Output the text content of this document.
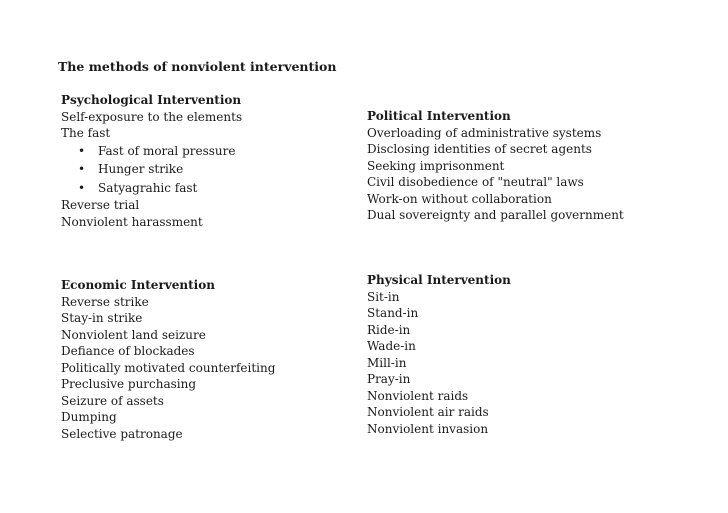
The methods of nonviolent intervention
Psychological Intervention
Self-exposure to the elements
The fast
• Fast of moral pressure
• Hunger strike
• Satyagrahic fast
Reverse trial
Nonviolent harassment
Political Intervention
Overloading of administrative systems
Disclosing identities of secret agents
Seeking imprisonment
Civil disobedience of "neutral" laws
Work-on without collaboration
Dual sovereignty and parallel government
Economic Intervention
Reverse strike
Stay-in strike
Nonviolent land seizure
Defiance of blockades
Politically motivated counterfeiting
Preclusive purchasing
Seizure of assets
Dumping
Selective patronage
Physical Intervention
Sit-in
Stand-in
Ride-in
Wade-in
Mill-in
Pray-in
Nonviolent raids
Nonviolent air raids
Nonviolent invasion
